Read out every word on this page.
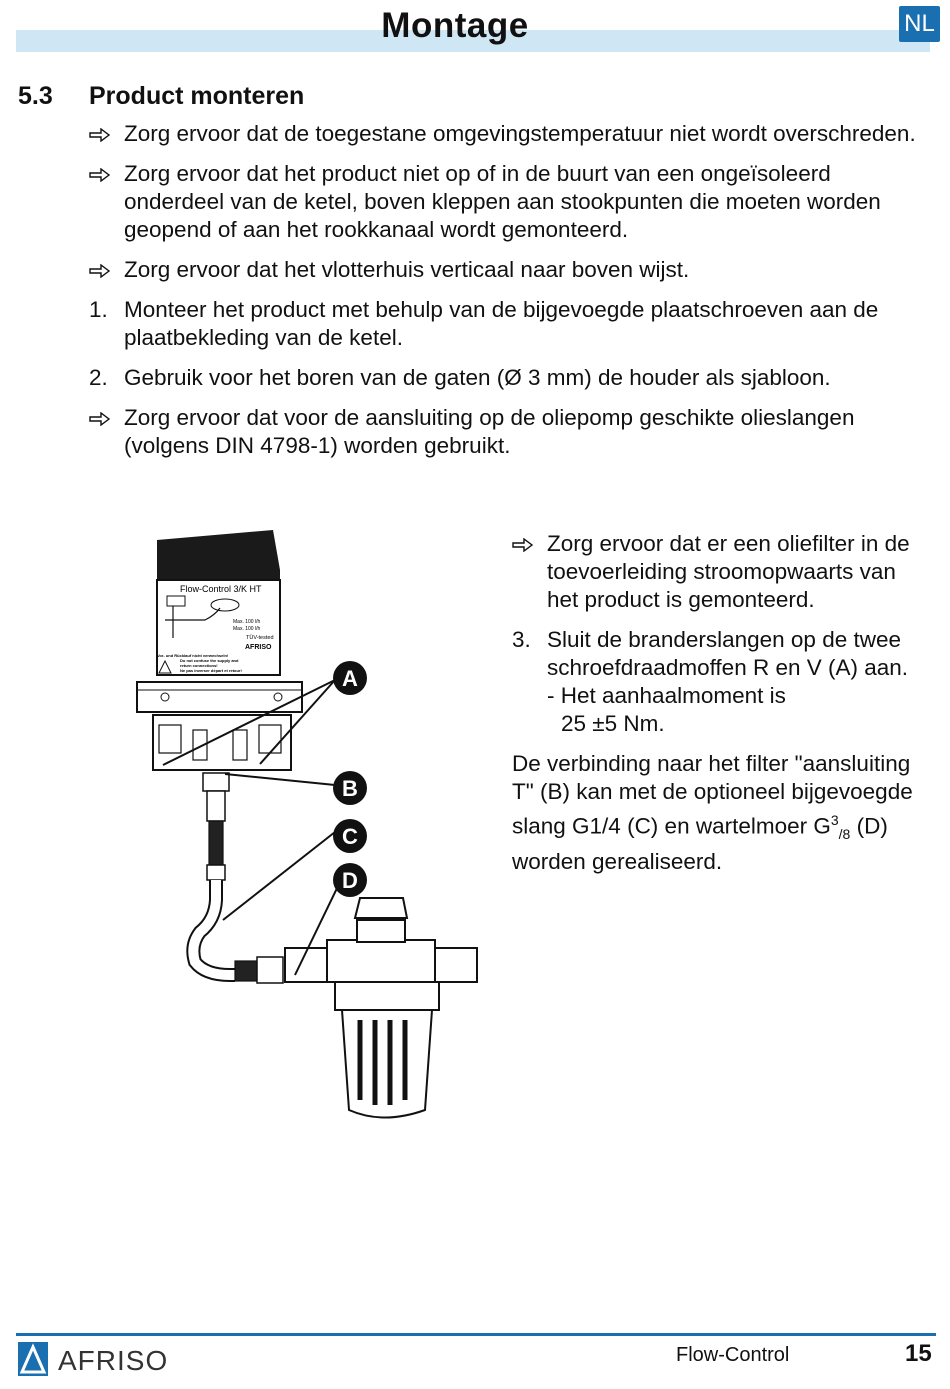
Montage	NL
5.3 Product monteren
Zorg ervoor dat de toegestane omgevingstemperatuur niet wordt overschreden.
Zorg ervoor dat het product niet op of in de buurt van een ongeïsoleerd onderdeel van de ketel, boven kleppen aan stookpunten die moeten worden geopend of aan het rookkanaal wordt gemonteerd.
Zorg ervoor dat het vlotterhuis verticaal naar boven wijst.
1. Monteer het product met behulp van de bijgevoegde plaatschroeven aan de plaatbekleding van de ketel.
2. Gebruik voor het boren van de gaten (Ø 3 mm) de houder als sjabloon.
Zorg ervoor dat voor de aansluiting op de oliepomp geschikte olieslangen (volgens DIN 4798-1) worden gebruikt.
Flow-Control 3/K HT
Max. 100 l/h
Max. 100 l/h
TÜV-tested
AFRISO
Vor- und Rücklauf nicht verwechseln!
Do not confuse the supply and
return connections!
Ne pas inverser départ et retour!	A
B
C
D
Zorg ervoor dat er een oliefilter in de toevoerleiding stroomopwaarts van het product is gemonteerd.
3. Sluit de branderslangen op de twee schroefdraadmoffen R en V (A) aan.
- Het aanhaalmoment is
25 ±5 Nm.
De verbinding naar het filter "aansluiting T" (B) kan met de optioneel bijgevoegde slang G1/4 (C) en wartelmoer $G^3_{/8}$ (D) worden gerealiseerd.
AFRISO	Flow-Control	15
